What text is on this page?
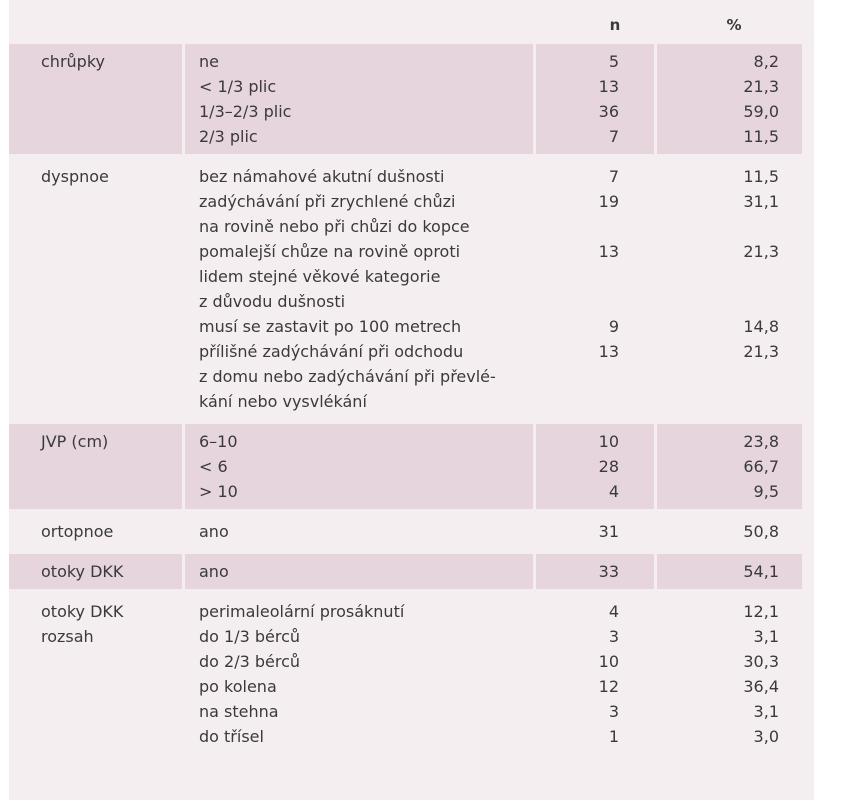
n	%
chrůpky	ne	5	8,2
< 1/3 plic	13	21,3
1/3–2/3 plic	36	59,0
2/3 plic	7	11,5
dyspnoe	bez námahové akutní dušnosti	7	11,5
zadýchávání při zrychlené chůzi
na rovině nebo při chůzi do kopce
19	31,1
pomalejší chůze na rovině oproti
lidem stejné věkové kategorie
z důvodu dušnosti
13	21,3
musí se zastavit po 100 metrech	9	14,8
přílišné zadýchávání při odchodu
z domu nebo zadýchávání při převlé-
kání nebo vysvlékání
13	21,3
JVP (cm)	6–10	10	23,8
< 6	28	66,7
> 10	4	9,5
ortopnoe	ano	31	50,8
otoky DKK	ano	33	54,1
otoky DKK
rozsah
perimaleolární prosáknutí	4	12,1
do 1/3 bérců	3	3,1
do 2/3 bérců	10	30,3
po kolena	12	36,4
na stehna	3	3,1
do třísel	1	3,0
